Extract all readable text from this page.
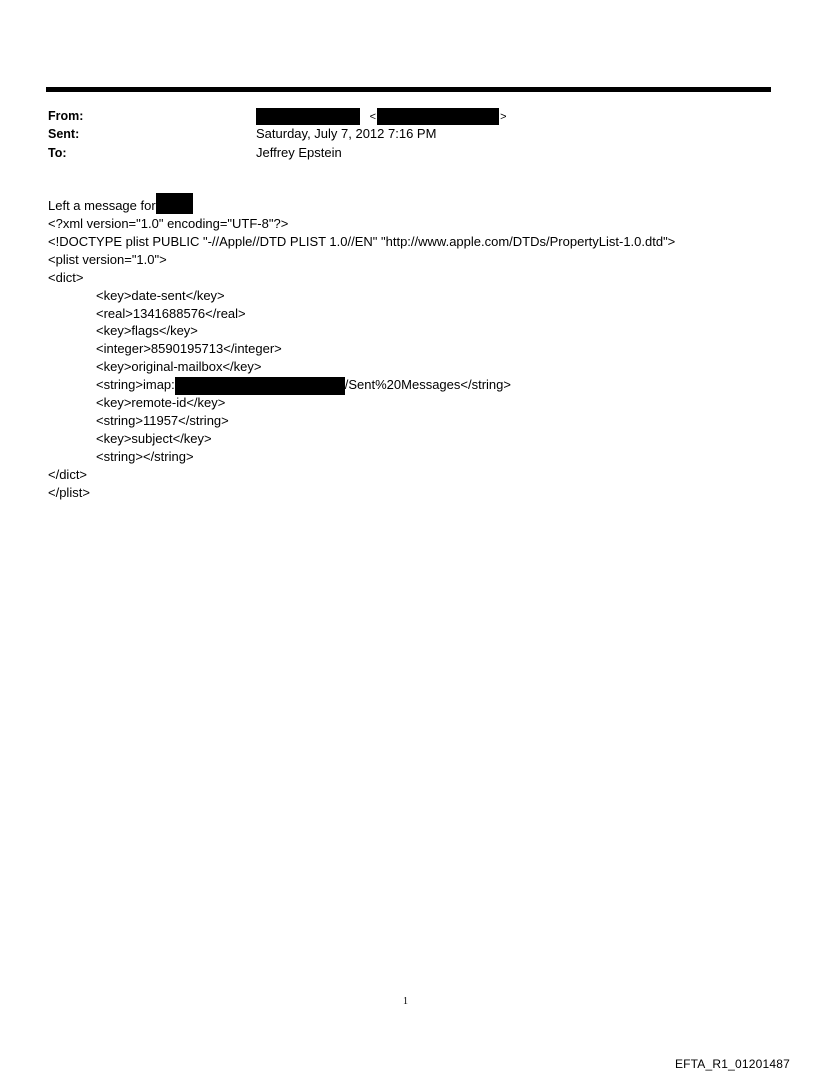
From:	<	>
Sent:	Saturday, July 7, 2012 7:16 PM
To:	Jeffrey Epstein
Left a message for
<?xml version="1.0" encoding="UTF-8"?>
<!DOCTYPE plist PUBLIC "-//Apple//DTD PLIST 1.0//EN" "http://www.apple.com/DTDs/PropertyList-1.0.dtd">
<plist version="1.0">
<dict>
<key>date-sent</key>
<real>1341688576</real>
<key>flags</key>
<integer>8590195713</integer>
<key>original-mailbox</key>
<string>imap:	/Sent%20Messages</string>
<key>remote-id</key>
<string>11957</string>
<key>subject</key>
<string></string>
</dict>
</plist>
1
EFTA_R1_01201487
